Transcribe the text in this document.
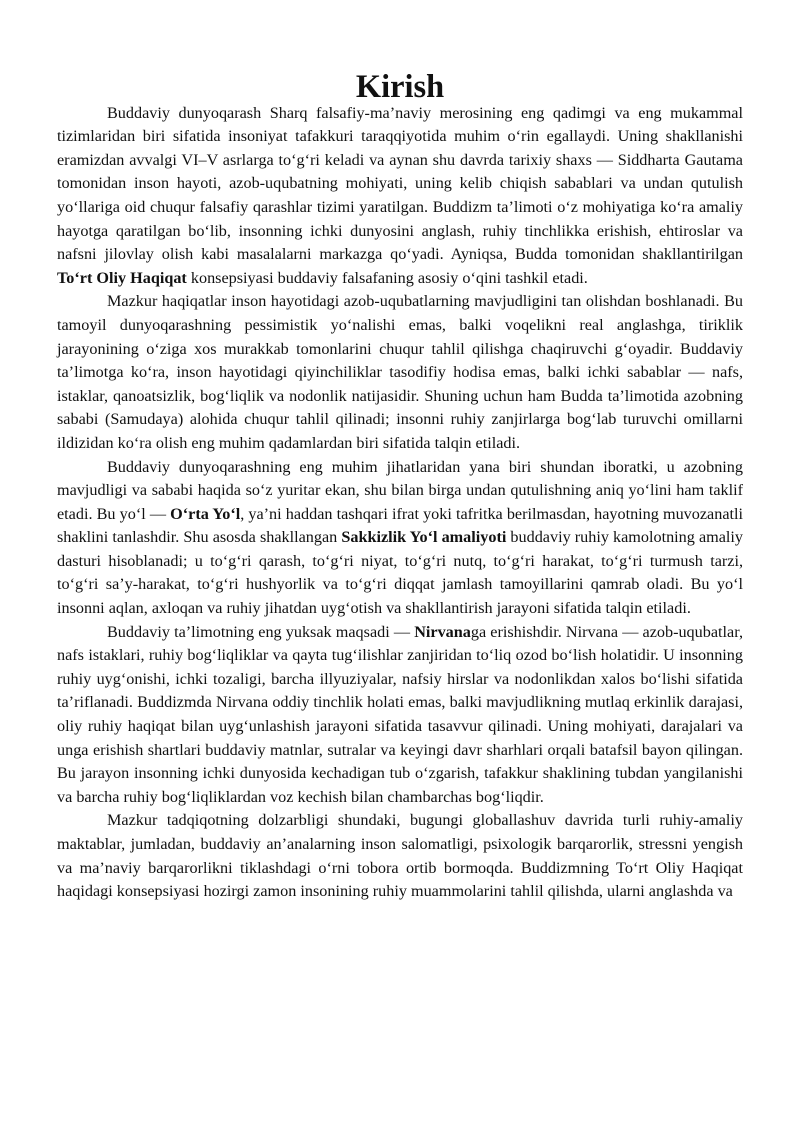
Kirish

Buddaviy dunyoqarash Sharq falsafiy-ma’naviy merosining eng qadimgi va eng mukammal tizimlaridan biri sifatida insoniyat tafakkuri taraqqiyotida muhim o‘rin egallaydi. Uning shakllanishi eramizdan avvalgi VI–V asrlarga to‘g‘ri keladi va aynan shu davrda tarixiy shaxs — Siddharta Gautama tomonidan inson hayoti, azob-uqubatning mohiyati, uning kelib chiqish sabablari va undan qutulish yo‘llariga oid chuqur falsafiy qarashlar tizimi yaratilgan. Buddizm ta’limoti o‘z mohiyatiga ko‘ra amaliy hayotga qaratilgan bo‘lib, insonning ichki dunyosini anglash, ruhiy tinchlikka erishish, ehtiroslar va nafsni jilovlay olish kabi masalalarni markazga qo‘yadi. Ayniqsa, Budda tomonidan shakllantirilgan To‘rt Oliy Haqiqat konsepsiyasi buddaviy falsafaning asosiy o‘qini tashkil etadi.

Mazkur haqiqatlar inson hayotidagi azob-uqubatlarning mavjudligini tan olishdan boshlanadi. Bu tamoyil dunyoqarashning pessimistik yo‘nalishi emas, balki voqelikni real anglashga, tiriklik jarayonining o‘ziga xos murakkab tomonlarini chuqur tahlil qilishga chaqiruvchi g‘oyadir. Buddaviy ta’limotga ko‘ra, inson hayotidagi qiyinchiliklar tasodifiy hodisa emas, balki ichki sabablar — nafs, istaklar, qanoatsizlik, bog‘liqlik va nodonlik natijasidir. Shuning uchun ham Budda ta’limotida azobning sababi (Samudaya) alohida chuqur tahlil qilinadi; insonni ruhiy zanjirlarga bog‘lab turuvchi omillarni ildizidan ko‘ra olish eng muhim qadamlardan biri sifatida talqin etiladi.

Buddaviy dunyoqarashning eng muhim jihatlaridan yana biri shundan iboratki, u azobning mavjudligi va sababi haqida so‘z yuritar ekan, shu bilan birga undan qutulishning aniq yo‘lini ham taklif etadi. Bu yo‘l — O‘rta Yo‘l, ya’ni haddan tashqari ifrat yoki tafritka berilmasdan, hayotning muvozanatli shaklini tanlashdir. Shu asosda shakllangan Sakkizlik Yo‘l amaliyoti buddaviy ruhiy kamolotning amaliy dasturi hisoblanadi; u to‘g‘ri qarash, to‘g‘ri niyat, to‘g‘ri nutq, to‘g‘ri harakat, to‘g‘ri turmush tarzi, to‘g‘ri sa’y-harakat, to‘g‘ri hushyorlik va to‘g‘ri diqqat jamlash tamoyillarini qamrab oladi. Bu yo‘l insonni aqlan, axloqan va ruhiy jihatdan uyg‘otish va shakllantirish jarayoni sifatida talqin etiladi.

Buddaviy ta’limotning eng yuksak maqsadi — Nirvanaga erishishdir. Nirvana — azob-uqubatlar, nafs istaklari, ruhiy bog‘liqliklar va qayta tug‘ilishlar zanjiridan to‘liq ozod bo‘lish holatidir. U insonning ruhiy uyg‘onishi, ichki tozaligi, barcha illyuziyalar, nafsiy hirslar va nodonlikdan xalos bo‘lishi sifatida ta’riflanadi. Buddizmda Nirvana oddiy tinchlik holati emas, balki mavjudlikning mutlaq erkinlik darajasi, oliy ruhiy haqiqat bilan uyg‘unlashish jarayoni sifatida tasavvur qilinadi. Uning mohiyati, darajalari va unga erishish shartlari buddaviy matnlar, sutralar va keyingi davr sharhlari orqali batafsil bayon qilingan. Bu jarayon insonning ichki dunyosida kechadigan tub o‘zgarish, tafakkur shaklining tubdan yangilanishi va barcha ruhiy bog‘liqliklardan voz kechish bilan chambarchas bog‘liqdir.

Mazkur tadqiqotning dolzarbligi shundaki, bugungi globallashuv davrida turli ruhiy-amaliy maktablar, jumladan, buddaviy an’analarning inson salomatligi, psixologik barqarorlik, stressni yengish va ma’naviy barqarorlikni tiklashdagi o‘rni tobora ortib bormoqda. Buddizmning To‘rt Oliy Haqiqat haqidagi konsepsiyasi hozirgi zamon insonining ruhiy muammolarini tahlil qilishda, ularni anglashda va
